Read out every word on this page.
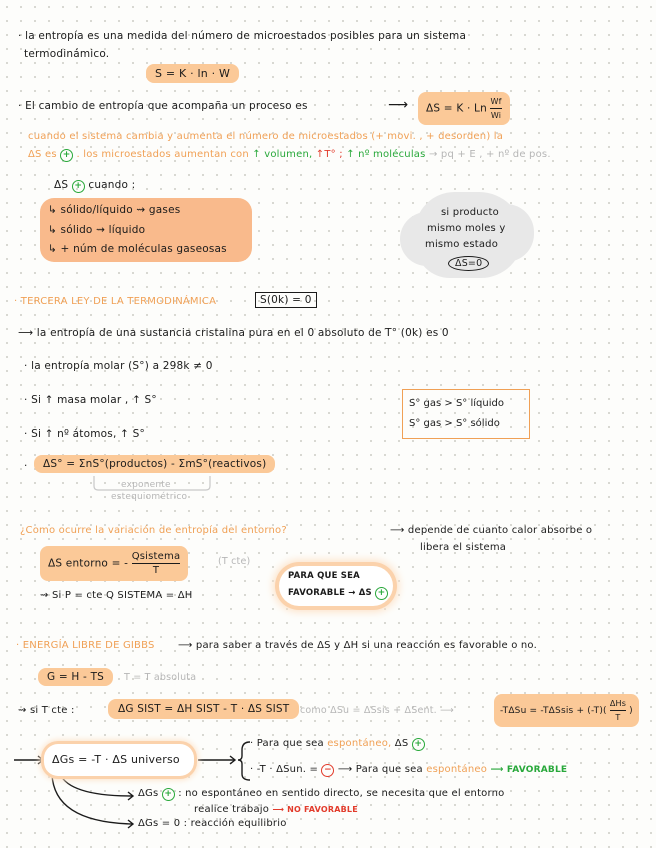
· la entropía es una medida del número de microestados posibles para un sistema
termodinámico.
S = K · ln · W
· El cambio de entropía que acompaña un proceso es	⟶	ΔS = K · Ln $\frac{Wf}{Wi}$
cuando el sistema cambia y aumenta el número de microestados (+ movi. , + desorden) la
ΔS es + . los microestados aumentan con ↑ volumen, ↑T° ; ↑ nº moléculas → pq + E , + nº de pos.
ΔS + cuando :
↳ sólido/líquido ⇝ gases
↳ sólido ⇝ líquido
↳ + núm de moléculas gaseosas
si producto
mismo moles y
mismo estado
ΔS=0
· TERCERA LEY DE LA TERMODINÁMICA	S(0k) = 0
⟶ la entropía de una sustancia cristalina pura en el 0 absoluto de T° (0k) es 0
· la entropía molar (S°) a 298k ≠ 0
· Si ↑ masa molar , ↑ S°
· Si ↑ nº átomos, ↑ S°
S° gas > S° líquido
S° gas > S° sólido
·	ΔS° = ΣnS°(productos) - ΣmS°(reactivos)
exponente
estequiométrico
¿Como ocurre la variación de entropía del entorno?	⟶ depende de cuanto calor absorbe o
libera el sistema
ΔS entorno = - $\frac{\text{Qsistema}}{T}$	(T cte)
⇝ Si P = cte Q SISTEMA = ΔH
PARA QUE SEA
FAVORABLE → ΔS +
· ENERGÍA LIBRE DE GIBBS ⟶ para saber a través de ΔS y ΔH si una reacción es favorable o no.
G = H - TS	T = T absoluta
⇝ si T cte :	ΔG SIST = ΔH SIST - T · ΔS SIST	como ΔSu = ΔSsis + ΔSent. ⟶	-TΔSu = -TΔSsis + $(-T)( \frac{\text{ΔHs}}{T}$ )
ΔGs = -T · ΔS universo
· Para que sea espontáneo, ΔS +
· -T · ΔSun. = − ⟶ Para que sea espontáneo ⟶ FAVORABLE
ΔGs + : no espontáneo en sentido directo, se necesita que el entorno
realice trabajo ⟶ NO FAVORABLE
ΔGs = 0 : reacción equilibrio
